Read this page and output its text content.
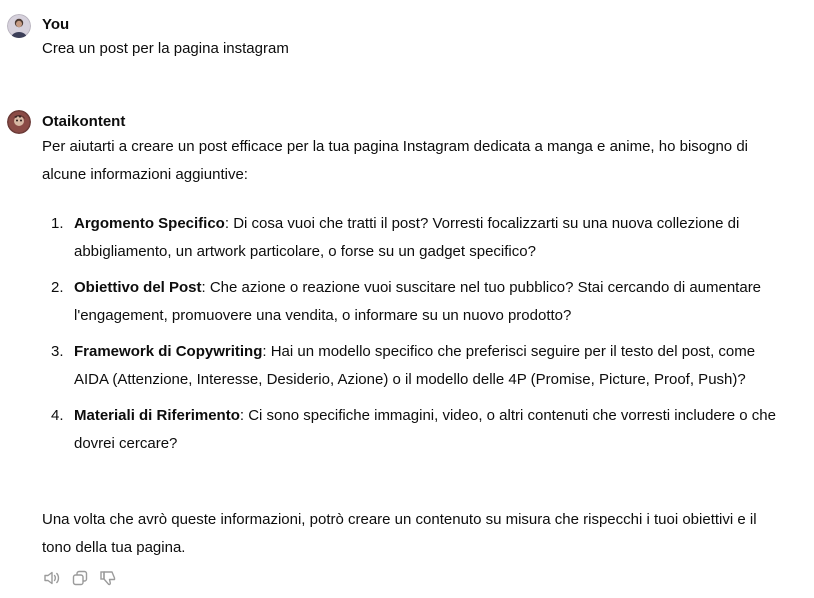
You
Crea un post per la pagina instagram
Otaikontent
Per aiutarti a creare un post efficace per la tua pagina Instagram dedicata a manga e anime, ho bisogno di alcune informazioni aggiuntive:
1. Argomento Specifico: Di cosa vuoi che tratti il post? Vorresti focalizzarti su una nuova collezione di abbigliamento, un artwork particolare, o forse su un gadget specifico?
2. Obiettivo del Post: Che azione o reazione vuoi suscitare nel tuo pubblico? Stai cercando di aumentare l'engagement, promuovere una vendita, o informare su un nuovo prodotto?
3. Framework di Copywriting: Hai un modello specifico che preferisci seguire per il testo del post, come AIDA (Attenzione, Interesse, Desiderio, Azione) o il modello delle 4P (Promise, Picture, Proof, Push)?
4. Materiali di Riferimento: Ci sono specifiche immagini, video, o altri contenuti che vorresti includere o che dovrei cercare?
Una volta che avrò queste informazioni, potrò creare un contenuto su misura che rispecchi i tuoi obiettivi e il tono della tua pagina.
